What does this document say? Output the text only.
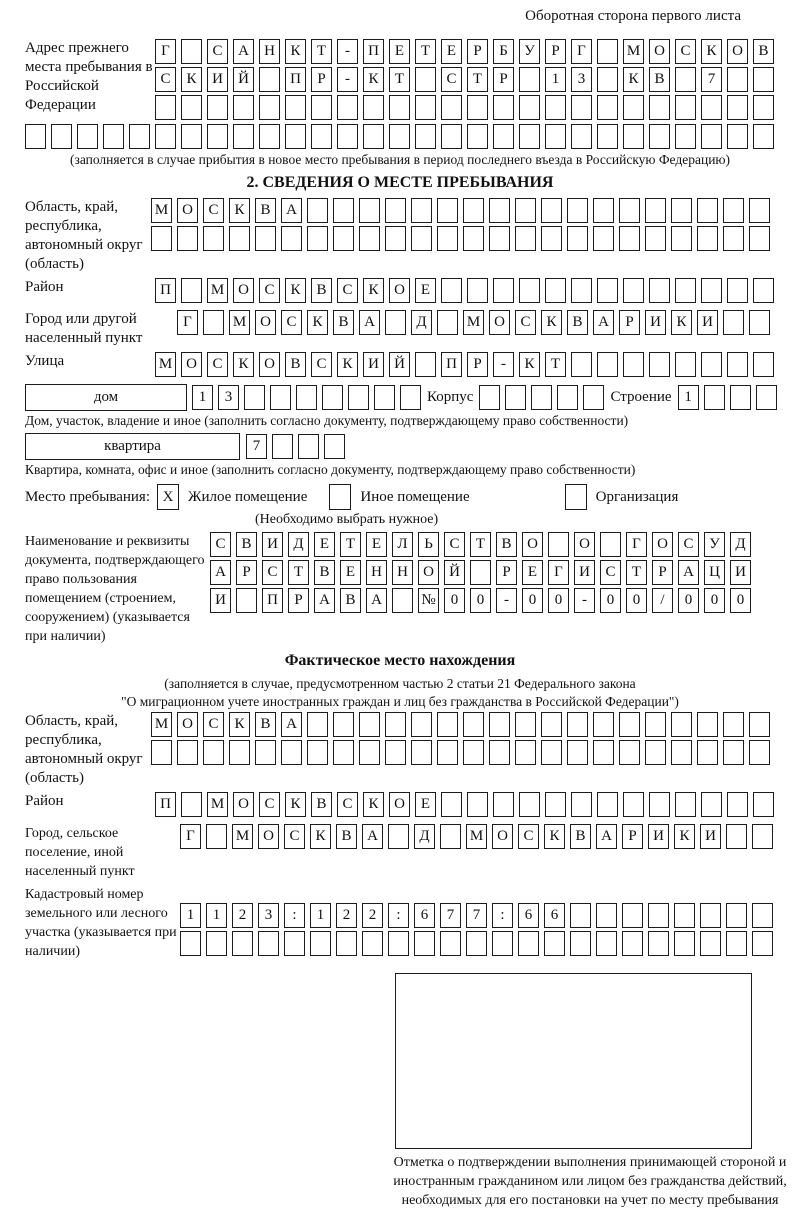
Оборотная сторона первого листа
Адрес прежнего места пребывания в Российской Федерации
Г	С	А	Н	К	Т	-	П	Е	Т	Е	Р	Б	У	Р	Г	М О	С	К	О	В
С	К	И	Й	П	Р	-	К	Т	С	Т	Р	1	3	К	В	7
(заполняется в случае прибытия в новое место пребывания в период последнего въезда в Российскую Федерацию)
2. СВЕДЕНИЯ О МЕСТЕ ПРЕБЫВАНИЯ
Область, край, республика, автономный округ (область)
М О	С	К	В	А
Район	П	М О	С	К	В	С	К	О	Е
Город или другой населенный пункт
Г	М О	С	К	В	А	Д	М О	С	К	В	А	Р	И	К	И
Улица	М О	С	К	О	В	С	К	И	Й	П	Р	-	К	Т
дом	1	3	Корпус	Строение 1
Дом, участок, владение и иное (заполнить согласно документу, подтверждающему право собственности)
квартира	7
Квартира, комната, офис и иное (заполнить согласно документу, подтверждающему право собственности)
Место пребывания: X Жилое помещение	Иное помещение	Организация
(Необходимо выбрать нужное)
Наименование и реквизиты документа, подтверждающего право пользования помещением (строением, сооружением) (указывается при наличии)
С	В	И	Д	Е	Т	Е	Л	Ь	С	Т	В	О	О	Г	О	С	У	Д
А	Р	С	Т	В	Е	Н	Н	О	Й	Р	Е	Г	И	С	Т	Р	А	Ц	И
И	П	Р	А	В	А	№	0	0	-	0	0	-	0	0	/	0	0	0
Фактическое место нахождения
(заполняется в случае, предусмотренном частью 2 статьи 21 Федерального закона
"О миграционном учете иностранных граждан и лиц без гражданства в Российской Федерации")
Область, край, республика, автономный округ (область)
М О	С	К	В	А
Район	П	М О	С	К	В	С	К	О	Е
Город, сельское поселение, иной населенный пункт
Г	М О	С	К	В	А	Д	М О	С	К	В	А	Р	И	К	И
Кадастровый номер земельного или лесного участка (указывается при наличии)
1	1	2	3	:	1	2	2	:	6	7	7	:	6	6
Отметка о подтверждении выполнения принимающей стороной и иностранным гражданином или лицом без гражданства действий, необходимых для его постановки на учет по месту пребывания
